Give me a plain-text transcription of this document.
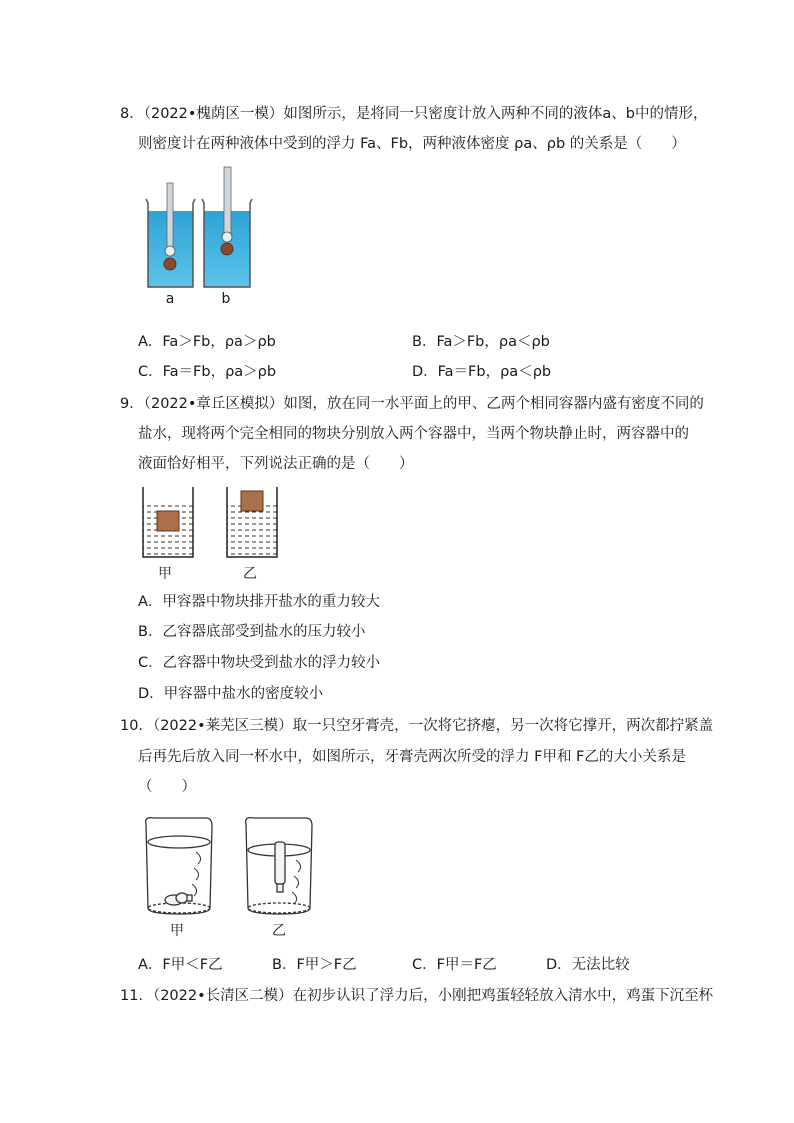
8．（2022•槐荫区一模）如图所示，是将同一只密度计放入两种不同的液体a、b中的情形，
则密度计在两种液体中受到的浮力 Fa、Fb，两种液体密度 ρa、ρb 的关系是（　　）
a	b
A．Fa＞Fb，ρa＞ρb	B．Fa＞Fb，ρa＜ρb
C．Fa＝Fb，ρa＞ρb	D．Fa＝Fb，ρa＜ρb
9．（2022•章丘区模拟）如图，放在同一水平面上的甲、乙两个相同容器内盛有密度不同的
盐水，现将两个完全相同的物块分别放入两个容器中，当两个物块静止时，两容器中的
液面恰好相平，下列说法正确的是（　　）
甲	乙
A．甲容器中物块排开盐水的重力较大
B．乙容器底部受到盐水的压力较小
C．乙容器中物块受到盐水的浮力较小
D．甲容器中盐水的密度较小
10．（2022•莱芜区三模）取一只空牙膏壳，一次将它挤瘪，另一次将它撑开，两次都拧紧盖
后再先后放入同一杯水中，如图所示，牙膏壳两次所受的浮力 F甲和 F乙的大小关系是
（　　）
甲	乙
A．F甲＜F乙	B．F甲＞F乙	C．F甲＝F乙	D．无法比较
11．（2022•长清区二模）在初步认识了浮力后，小刚把鸡蛋轻轻放入清水中，鸡蛋下沉至杯
